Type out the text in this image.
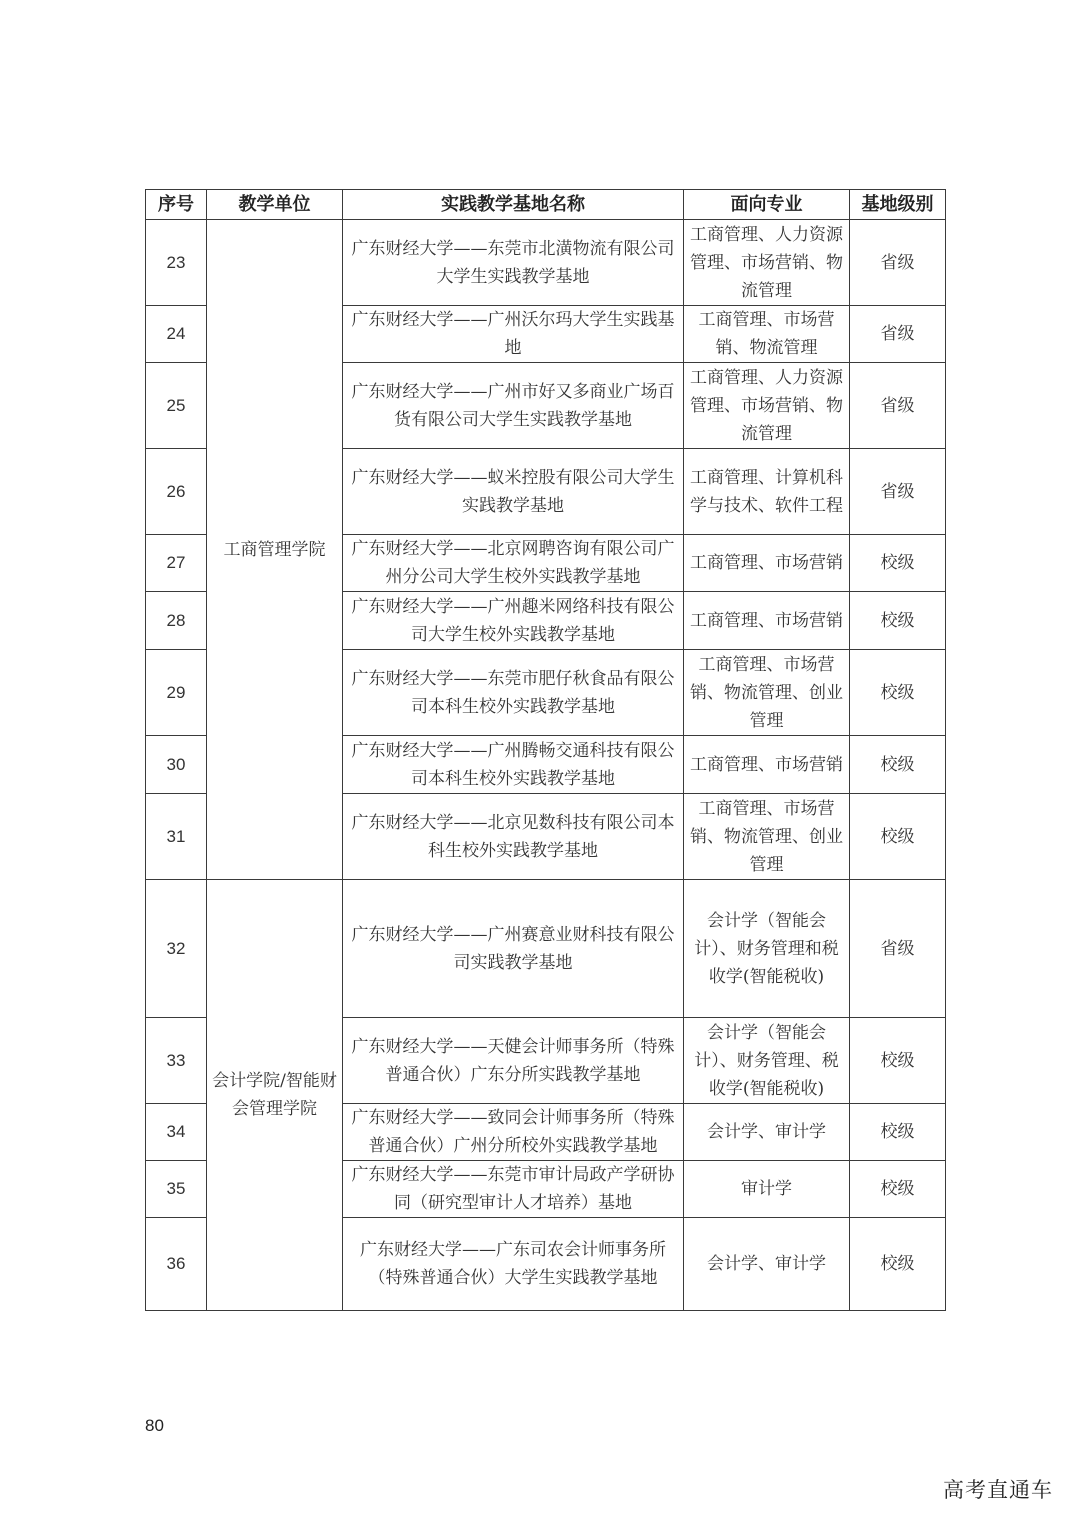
序号	教学单位	实践教学基地名称	面向专业	基地级别
23	工商管理学院	广东财经大学——东莞市北潢物流有限公司大学生实践教学基地	工商管理、人力资源管理、市场营销、物流管理	省级
24		广东财经大学——广州沃尔玛大学生实践基地	工商管理、市场营销、物流管理	省级
25		广东财经大学——广州市好又多商业广场百货有限公司大学生实践教学基地	工商管理、人力资源管理、市场营销、物流管理	省级
26		广东财经大学——蚁米控股有限公司大学生实践教学基地	工商管理、计算机科学与技术、软件工程	省级
27		广东财经大学——北京网聘咨询有限公司广州分公司大学生校外实践教学基地	工商管理、市场营销	校级
28		广东财经大学——广州趣米网络科技有限公司大学生校外实践教学基地	工商管理、市场营销	校级
29		广东财经大学——东莞市肥仔秋食品有限公司本科生校外实践教学基地	工商管理、市场营销、物流管理、创业管理	校级
30		广东财经大学——广州腾畅交通科技有限公司本科生校外实践教学基地	工商管理、市场营销	校级
31		广东财经大学——北京见数科技有限公司本科生校外实践教学基地	工商管理、市场营销、物流管理、创业管理	校级
32	会计学院/智能财会管理学院	广东财经大学——广州赛意业财科技有限公司实践教学基地	会计学（智能会计）、财务管理和税收学(智能税收)	省级
33		广东财经大学——天健会计师事务所（特殊普通合伙）广东分所实践教学基地	会计学（智能会计）、财务管理、税收学(智能税收)	校级
34		广东财经大学——致同会计师事务所（特殊普通合伙）广州分所校外实践教学基地	会计学、审计学	校级
35		广东财经大学——东莞市审计局政产学研协同（研究型审计人才培养）基地	审计学	校级
36		广东财经大学——广东司农会计师事务所（特殊普通合伙）大学生实践教学基地	会计学、审计学	校级
80
高考直通车
